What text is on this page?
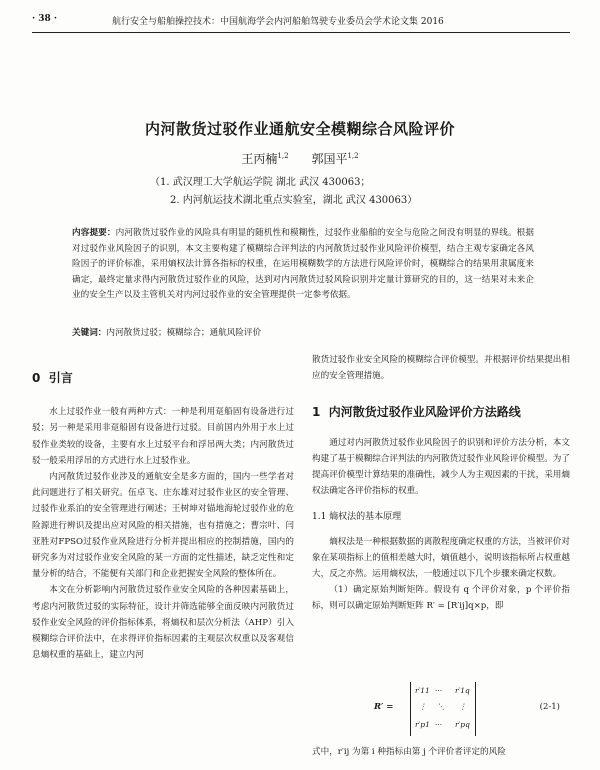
· 38 ·	航行安全与船舶操控技术：中国航海学会内河船舶驾驶专业委员会学术论文集 2016
内河散货过驳作业通航安全模糊综合风险评价
王丙楠$^{1,2}$ 郭国平$^{1,2}$
（1. 武汉理工大学航运学院 湖北 武汉 430063；
2. 内河航运技术湖北重点实验室，湖北 武汉 430063）
内容提要：内河散货过驳作业的风险具有明显的随机性和模糊性，过驳作业船舶的安全与危险之间没有明显的界线。根据对过驳作业风险因子的识别，本文主要构建了模糊综合评判法的内河散货过驳作业风险评价模型，结合主观专家确定各风险因子的评价标准，采用熵权法计算各指标的权重，在运用模糊数学的方法进行风险评价时，模糊综合的结果用隶属度来确定，最终定量求得内河散货过驳作业的风险，达到对内河散货过驳风险识别并定量计算研究的目的，这一结果对未来企业的安全生产以及主管机关对内河过驳作业的安全管理提供一定参考依据。
关键词：内河散货过驳；模糊综合；通航风险评价
0 引言

水上过驳作业一般有两种方式：一种是利用趸船固有设备进行过驳；另一种是采用非趸船固有设备进行过驳。目前国内外用于水上过驳作业类较的设备，主要有水上过驳平台和浮吊两大类；内河散货过驳一般采用浮吊的方式进行水上过驳作业。

内河散货过驳作业涉及的通航安全是多方面的，国内一些学者对此问题进行了相关研究。伍卓飞、庄东雄对过驳作业区的安全管理、过驳作业系泊的安全管理进行阐述；王树坤对锚地海轮过驳作业的危险源进行辨识及提出应对风险的相关措施，也有措施之；曹宗叶、闫亚胜对FPSO过驳作业风险进行分析并提出相应的控制措施，国内的研究多为对过驳作业安全风险的某一方面的定性描述，缺乏定性和定量分析的结合，不能便有关部门和企业把握安全风险的整体所在。

本文在分析影响内河散货过驳作业安全风险的各种因素基础上，考虑内河散货过驳的实际特征，设计并筛选能够全面反映内河散货过驳作业安全风险的评价指标体系，将熵权和层次分析法（AHP）引入模糊综合评价法中，在求得评价指标因素的主观层次权重以及客观信息熵权重的基础上，建立内河

散货过驳作业安全风险的模糊综合评价模型。并根据评价结果提出相应的安全管理措施。
1 内河散货过驳作业风险评价方法路线

通过对内河散货过驳作业风险因子的识别和评价方法分析，本文构建了基于模糊综合评判法的内河散货过驳作业风险评价模型。为了提高评价模型计算结果的准确性，减少人为主观因素的干扰，采用熵权法确定各评价指标的权重。

1.1 熵权法的基本原理

熵权法是一种根据数据的离散程度确定权重的方法，当被评价对象在某项指标上的值相差越大时，熵值越小，说明该指标所占权重越大，反之亦然。运用熵权法，一般通过以下几个步骤来确定权数。

（1）确定原始判断矩阵。假设有 q 个评价对象，p 个评价指标，则可以确定原始判断矩阵 R′ = [R′ij]q×p，即

R′ =
r′11 ··· r′1q
⋮ ⋱ ⋮
r′p1 ··· r′pq
(2-1)
式中，r′ij 为第 i 种指标由第 j 个评价者评定的风险
